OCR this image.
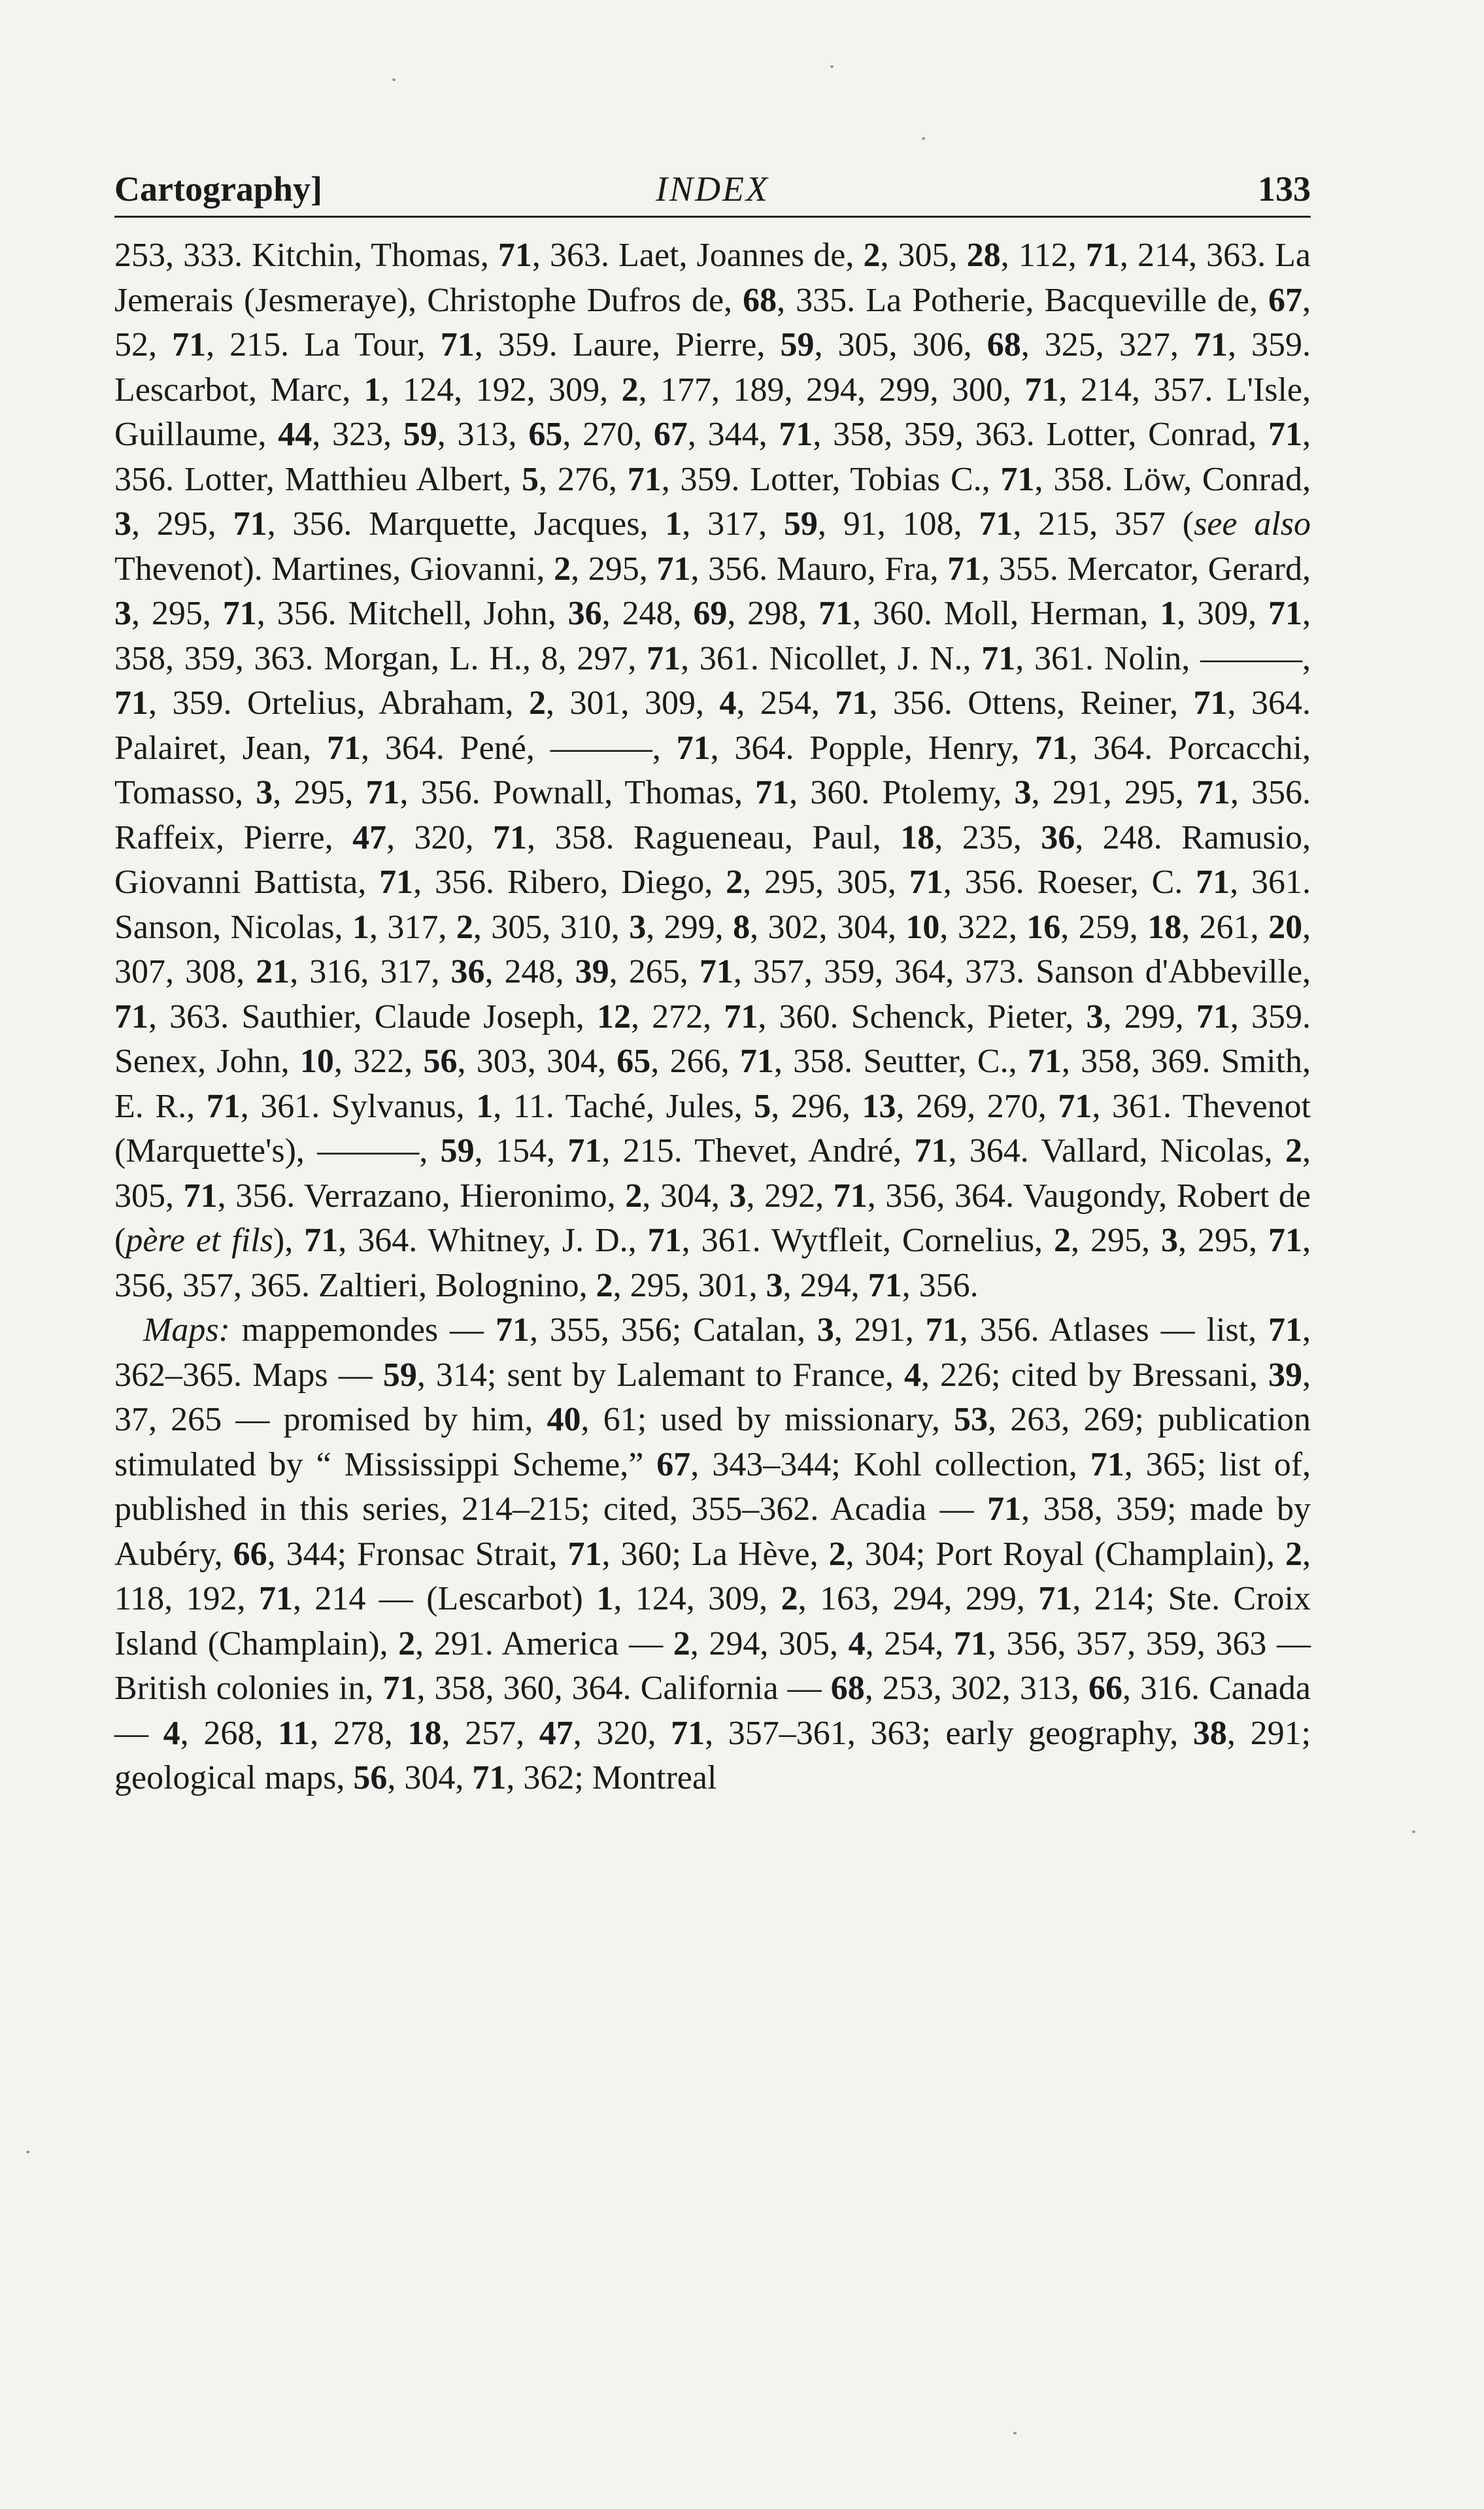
Cartography]	INDEX	133

253, 333. Kitchin, Thomas, 71, 363. Laet, Joannes de, 2, 305, 28, 112, 71, 214, 363. La Jemerais (Jesmeraye), Christophe Dufros de, 68, 335. La Potherie, Bacqueville de, 67, 52, 71, 215. La Tour, 71, 359. Laure, Pierre, 59, 305, 306, 68, 325, 327, 71, 359. Lescarbot, Marc, 1, 124, 192, 309, 2, 177, 189, 294, 299, 300, 71, 214, 357. L'Isle, Guillaume, 44, 323, 59, 313, 65, 270, 67, 344, 71, 358, 359, 363. Lotter, Conrad, 71, 356. Lotter, Matthieu Albert, 5, 276, 71, 359. Lotter, Tobias C., 71, 358. Löw, Conrad, 3, 295, 71, 356. Marquette, Jacques, 1, 317, 59, 91, 108, 71, 215, 357 (see also Thevenot). Martines, Giovanni, 2, 295, 71, 356. Mauro, Fra, 71, 355. Mercator, Gerard, 3, 295, 71, 356. Mitchell, John, 36, 248, 69, 298, 71, 360. Moll, Herman, 1, 309, 71, 358, 359, 363. Morgan, L. H., 8, 297, 71, 361. Nicollet, J. N., 71, 361. Nolin, ———, 71, 359. Ortelius, Abraham, 2, 301, 309, 4, 254, 71, 356. Ottens, Reiner, 71, 364. Palairet, Jean, 71, 364. Pené, ———, 71, 364. Popple, Henry, 71, 364. Porcacchi, Tomasso, 3, 295, 71, 356. Pownall, Thomas, 71, 360. Ptolemy, 3, 291, 295, 71, 356. Raffeix, Pierre, 47, 320, 71, 358. Ragueneau, Paul, 18, 235, 36, 248. Ramusio, Giovanni Battista, 71, 356. Ribero, Diego, 2, 295, 305, 71, 356. Roeser, C. 71, 361. Sanson, Nicolas, 1, 317, 2, 305, 310, 3, 299, 8, 302, 304, 10, 322, 16, 259, 18, 261, 20, 307, 308, 21, 316, 317, 36, 248, 39, 265, 71, 357, 359, 364, 373. Sanson d'Abbeville, 71, 363. Sauthier, Claude Joseph, 12, 272, 71, 360. Schenck, Pieter, 3, 299, 71, 359. Senex, John, 10, 322, 56, 303, 304, 65, 266, 71, 358. Seutter, C., 71, 358, 369. Smith, E. R., 71, 361. Sylvanus, 1, 11. Taché, Jules, 5, 296, 13, 269, 270, 71, 361. Thevenot (Marquette's), ———, 59, 154, 71, 215. Thevet, André, 71, 364. Vallard, Nicolas, 2, 305, 71, 356. Verrazano, Hieronimo, 2, 304, 3, 292, 71, 356, 364. Vaugondy, Robert de (père et fils), 71, 364. Whitney, J. D., 71, 361. Wytfleit, Cornelius, 2, 295, 3, 295, 71, 356, 357, 365. Zaltieri, Bolognino, 2, 295, 301, 3, 294, 71, 356.

Maps: mappemondes — 71, 355, 356; Catalan, 3, 291, 71, 356. Atlases — list, 71, 362–365. Maps — 59, 314; sent by Lalemant to France, 4, 226; cited by Bressani, 39, 37, 265 — promised by him, 40, 61; used by missionary, 53, 263, 269; publication stimulated by “ Mississippi Scheme,” 67, 343–344; Kohl collection, 71, 365; list of, published in this series, 214–215; cited, 355–362. Acadia — 71, 358, 359; made by Aubéry, 66, 344; Fronsac Strait, 71, 360; La Hève, 2, 304; Port Royal (Champlain), 2, 118, 192, 71, 214 — (Lescarbot) 1, 124, 309, 2, 163, 294, 299, 71, 214; Ste. Croix Island (Champlain), 2, 291. America — 2, 294, 305, 4, 254, 71, 356, 357, 359, 363 — British colonies in, 71, 358, 360, 364. California — 68, 253, 302, 313, 66, 316. Canada — 4, 268, 11, 278, 18, 257, 47, 320, 71, 357–361, 363; early geography, 38, 291; geological maps, 56, 304, 71, 362; Montreal
